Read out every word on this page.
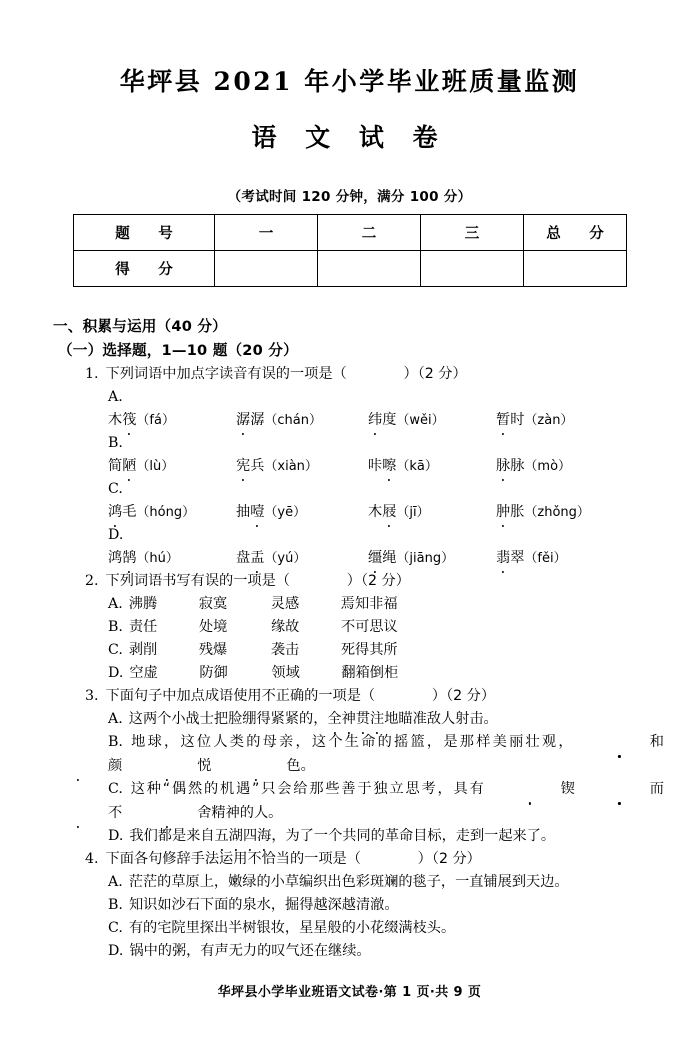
华坪县 2021 年小学毕业班质量监测
语 文 试 卷
（考试时间 120 分钟，满分 100 分）
题　号	一	二	三	总　分
得　分				
一、积累与运用（40 分）
（一）选择题，1—10 题（20 分）
1. 下列词语中加点字读音有误的一项是（　　　　）（2 分）
A.
木筏（fá）	潺潺（chán）	纬度（wěi）	暂时（zàn）
B.
简陋（lù）	宪兵（xiàn）	咔嚓（kā）	脉脉（mò）
C.
鸿毛（hóng）	抽噎（yē）	木屐（jī）	肿胀（zhǒng）
D.
鸿鹄（hú）	盘盂（yú）	缰绳（jiāng）	翡翠（fěi）
2. 下列词语书写有误的一项是（　　　　）（2 分）
A. 沸腾	寂寞	灵感	焉知非福
B. 责任	处境	缘故	不可思议
C. 剥削	残爆	袭击	死得其所
D. 空虚	防御	领域	翻箱倒柜
3. 下面句子中加点成语使用不正确的一项是（　　　　）（2 分）
A. 这两个小战士把脸绷得紧紧的，全神贯注地瞄准敌人射击。
B. 地球，这位人类的母亲，这个生命的摇篮，是那样美丽壮观，	和颜	悦	色。
C. 这种“偶然的机遇”只会给那些善于独立思考，具有	锲	而不	舍精神的人。
D. 我们都是来自五湖四海，为了一个共同的革命目标，走到一起来了。
4. 下面各句修辞手法运用不恰当的一项是（　　　　）（2 分）
A. 茫茫的草原上，嫩绿的小草编织出色彩斑斓的毯子，一直铺展到天边。
B. 知识如沙石下面的泉水，掘得越深越清澈。
C. 有的宅院里探出半树银妆，星星般的小花缀满枝头。
D. 锅中的粥，有声无力的叹气还在继续。
华坪县小学毕业班语文试卷·第 1 页·共 9 页
